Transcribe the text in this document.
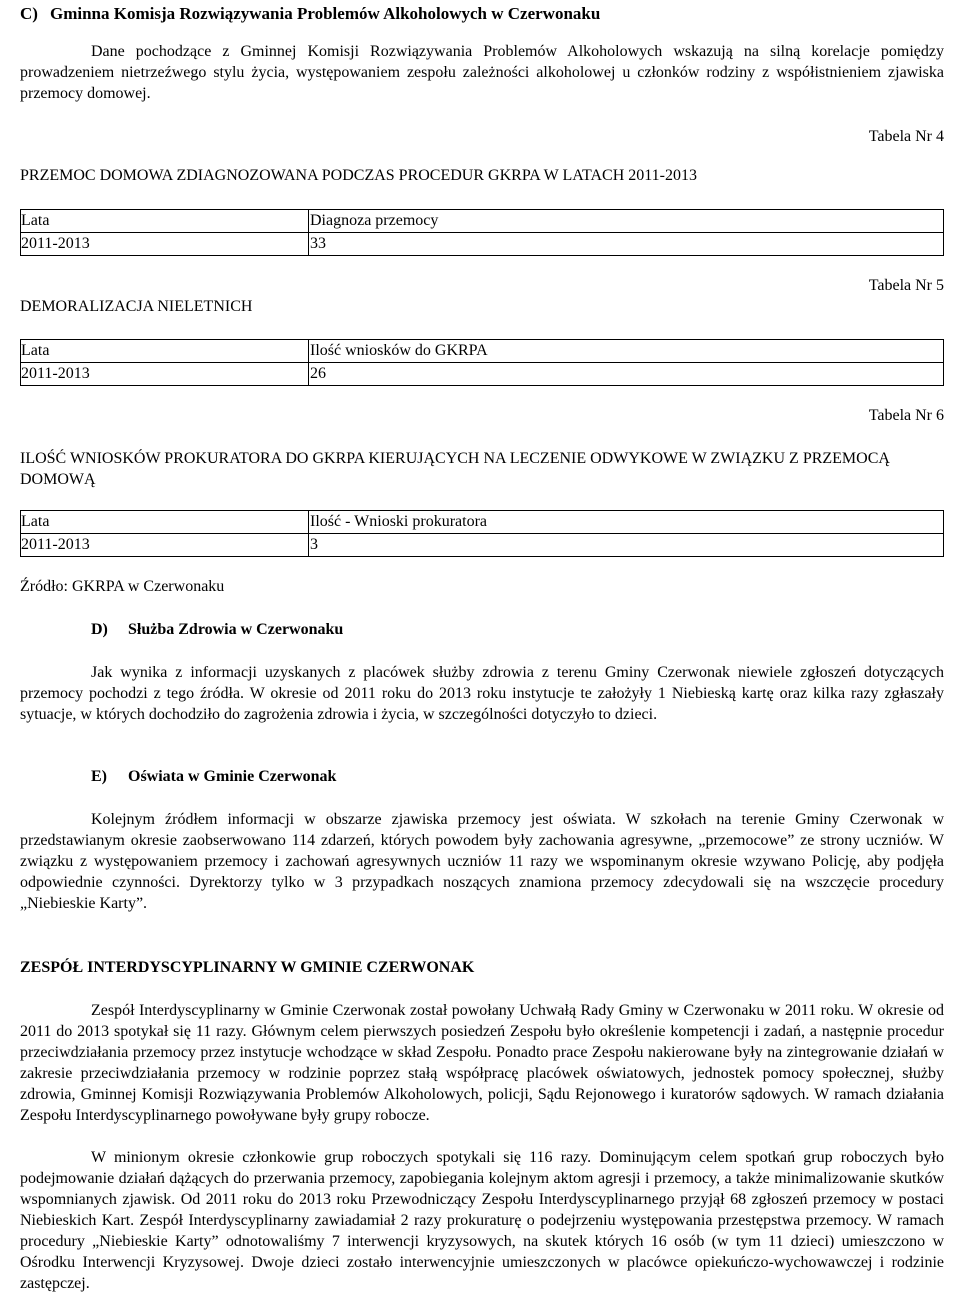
C) Gminna Komisja Rozwiązywania Problemów Alkoholowych w Czerwonaku
Dane pochodzące z Gminnej Komisji Rozwiązywania Problemów Alkoholowych wskazują na silną korelacje pomiędzy prowadzeniem nietrzeźwego stylu życia, występowaniem zespołu zależności alkoholowej u członków rodziny z współistnieniem zjawiska przemocy domowej.
Tabela Nr 4
PRZEMOC DOMOWA ZDIAGNOZOWANA PODCZAS PROCEDUR GKRPA W LATACH 2011-2013
Lata	Diagnoza przemocy
2011-2013	33
Tabela Nr 5
DEMORALIZACJA NIELETNICH
Lata	Ilość wniosków do GKRPA
2011-2013	26
Tabela Nr 6
ILOŚĆ WNIOSKÓW PROKURATORA DO GKRPA KIERUJĄCYCH NA LECZENIE ODWYKOWE W ZWIĄZKU Z PRZEMOCĄ DOMOWĄ
Lata	Ilość - Wnioski prokuratora
2011-2013	3
Źródło: GKRPA w Czerwonaku
D) Służba Zdrowia w Czerwonaku
Jak wynika z informacji uzyskanych z placówek służby zdrowia z terenu Gminy Czerwonak niewiele zgłoszeń dotyczących przemocy pochodzi z tego źródła. W okresie od 2011 roku do 2013 roku instytucje te założyły 1 Niebieską kartę oraz kilka razy zgłaszały sytuacje, w których dochodziło do zagrożenia zdrowia i życia, w szczególności dotyczyło to dzieci.
E) Oświata w Gminie Czerwonak
Kolejnym źródłem informacji w obszarze zjawiska przemocy jest oświata. W szkołach na terenie Gminy Czerwonak w przedstawianym okresie zaobserwowano 114 zdarzeń, których powodem były zachowania agresywne, „przemocowe” ze strony uczniów. W związku z występowaniem przemocy i zachowań agresywnych uczniów 11 razy we wspominanym okresie wzywano Policję, aby podjęła odpowiednie czynności. Dyrektorzy tylko w 3 przypadkach noszących znamiona przemocy zdecydowali się na wszczęcie procedury „Niebieskie Karty”.
ZESPÓŁ INTERDYSCYPLINARNY W GMINIE CZERWONAK
Zespół Interdyscyplinarny w Gminie Czerwonak został powołany Uchwałą Rady Gminy w Czerwonaku w 2011 roku. W okresie od 2011 do 2013 spotykał się 11 razy. Głównym celem pierwszych posiedzeń Zespołu było określenie kompetencji i zadań, a następnie procedur przeciwdziałania przemocy przez instytucje wchodzące w skład Zespołu. Ponadto prace Zespołu nakierowane były na zintegrowanie działań w zakresie przeciwdziałania przemocy w rodzinie poprzez stałą współpracę placówek oświatowych, jednostek pomocy społecznej, służby zdrowia, Gminnej Komisji Rozwiązywania Problemów Alkoholowych, policji, Sądu Rejonowego i kuratorów sądowych. W ramach działania Zespołu Interdyscyplinarnego powoływane były grupy robocze.
W minionym okresie członkowie grup roboczych spotykali się 116 razy. Dominującym celem spotkań grup roboczych było podejmowanie działań dążących do przerwania przemocy, zapobiegania kolejnym aktom agresji i przemocy, a także minimalizowanie skutków wspomnianych zjawisk. Od 2011 roku do 2013 roku Przewodniczący Zespołu Interdyscyplinarnego przyjął 68 zgłoszeń przemocy w postaci Niebieskich Kart. Zespół Interdyscyplinarny zawiadamiał 2 razy prokuraturę o podejrzeniu występowania przestępstwa przemocy. W ramach procedury „Niebieskie Karty” odnotowaliśmy 7 interwencji kryzysowych, na skutek których 16 osób (w tym 11 dzieci) umieszczono w Ośrodku Interwencji Kryzysowej. Dwoje dzieci zostało interwencyjnie umieszczonych w placówce opiekuńczo-wychowawczej i rodzinie zastępczej.
